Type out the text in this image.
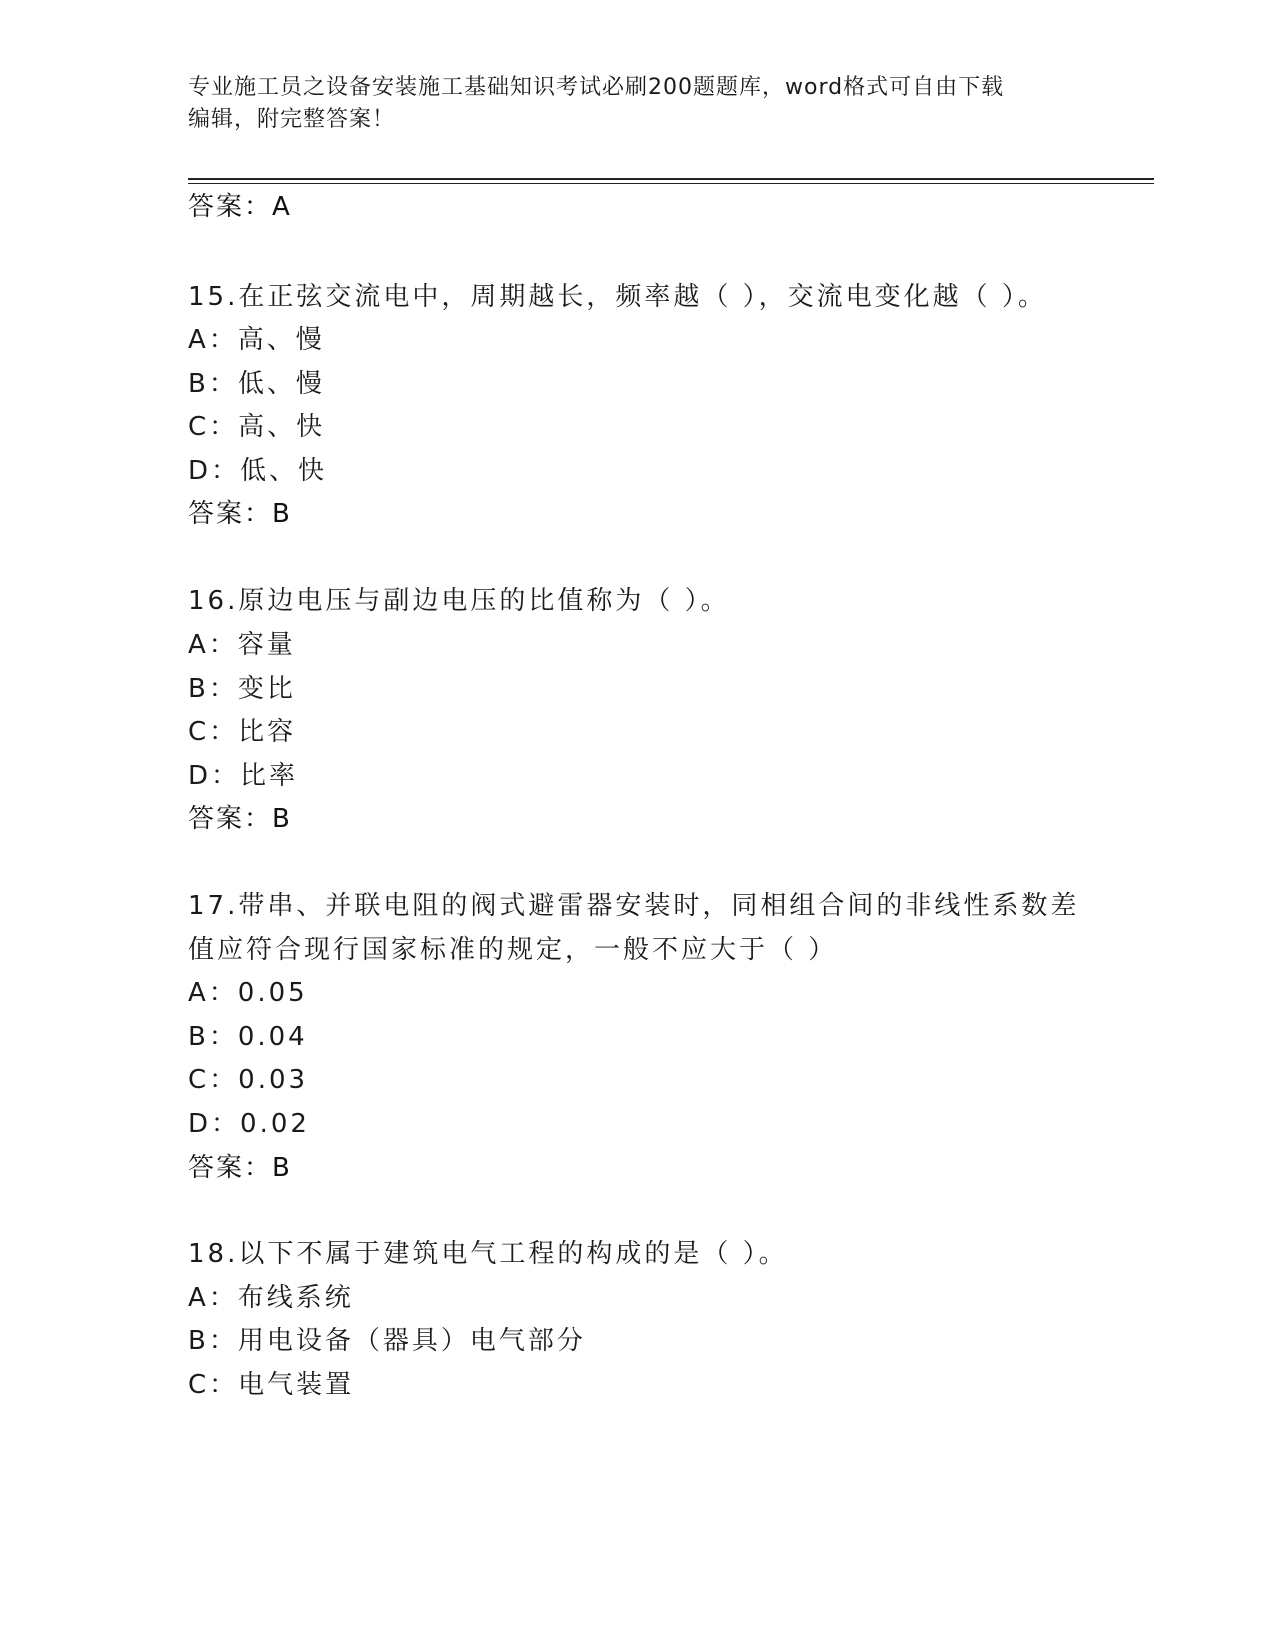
专业施工员之设备安装施工基础知识考试必刷200题题库，word格式可自由下载
编辑，附完整答案！
答案：A
15.在正弦交流电中，周期越长，频率越（ ），交流电变化越（ ）。
A：高、慢
B：低、慢
C：高、快
D：低、快
答案：B
16.原边电压与副边电压的比值称为（ ）。
A：容量
B：变比
C：比容
D：比率
答案：B
17.带串、并联电阻的阀式避雷器安装时，同相组合间的非线性系数差
值应符合现行国家标准的规定，一般不应大于（ ）
A：0.05
B：0.04
C：0.03
D：0.02
答案：B
18.以下不属于建筑电气工程的构成的是（ ）。
A：布线系统
B：用电设备（器具）电气部分
C：电气装置
